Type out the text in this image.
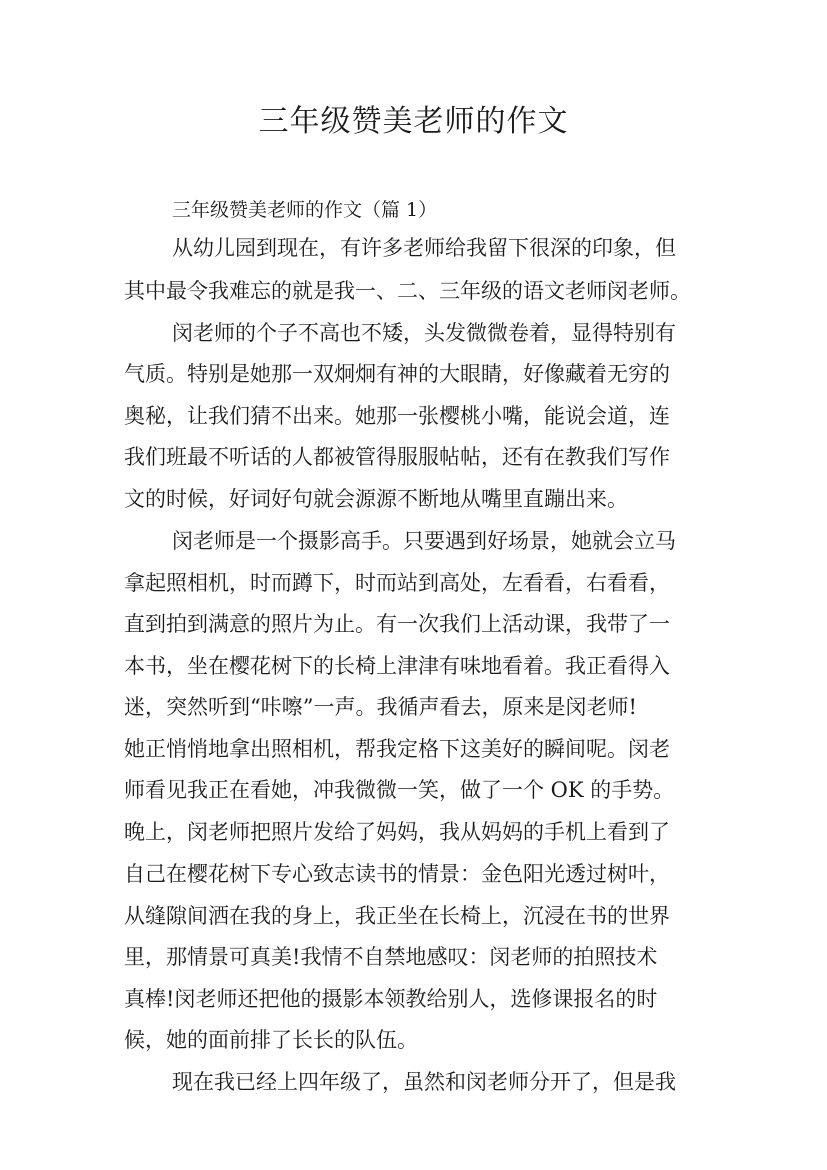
三年级赞美老师的作文

三年级赞美老师的作文（篇 1）

从幼儿园到现在，有许多老师给我留下很深的印象，但

其中最令我难忘的就是我一、二、三年级的语文老师闵老师。

闵老师的个子不高也不矮，头发微微卷着，显得特别有

气质。特别是她那一双炯炯有神的大眼睛，好像藏着无穷的

奥秘，让我们猜不出来。她那一张樱桃小嘴，能说会道，连

我们班最不听话的人都被管得服服帖帖，还有在教我们写作

文的时候，好词好句就会源源不断地从嘴里直蹦出来。

闵老师是一个摄影高手。只要遇到好场景，她就会立马

拿起照相机，时而蹲下，时而站到高处，左看看，右看看，

直到拍到满意的照片为止。有一次我们上活动课，我带了一

本书，坐在樱花树下的长椅上津津有味地看着。我正看得入

迷，突然听到“咔嚓”一声。我循声看去，原来是闵老师!

她正悄悄地拿出照相机，帮我定格下这美好的瞬间呢。闵老

师看见我正在看她，冲我微微一笑，做了一个 OK 的手势。

晚上，闵老师把照片发给了妈妈，我从妈妈的手机上看到了

自己在樱花树下专心致志读书的情景：金色阳光透过树叶，

从缝隙间洒在我的身上，我正坐在长椅上，沉浸在书的世界

里，那情景可真美!我情不自禁地感叹：闵老师的拍照技术

真棒!闵老师还把他的摄影本领教给别人，选修课报名的时

候，她的面前排了长长的队伍。

现在我已经上四年级了，虽然和闵老师分开了，但是我
